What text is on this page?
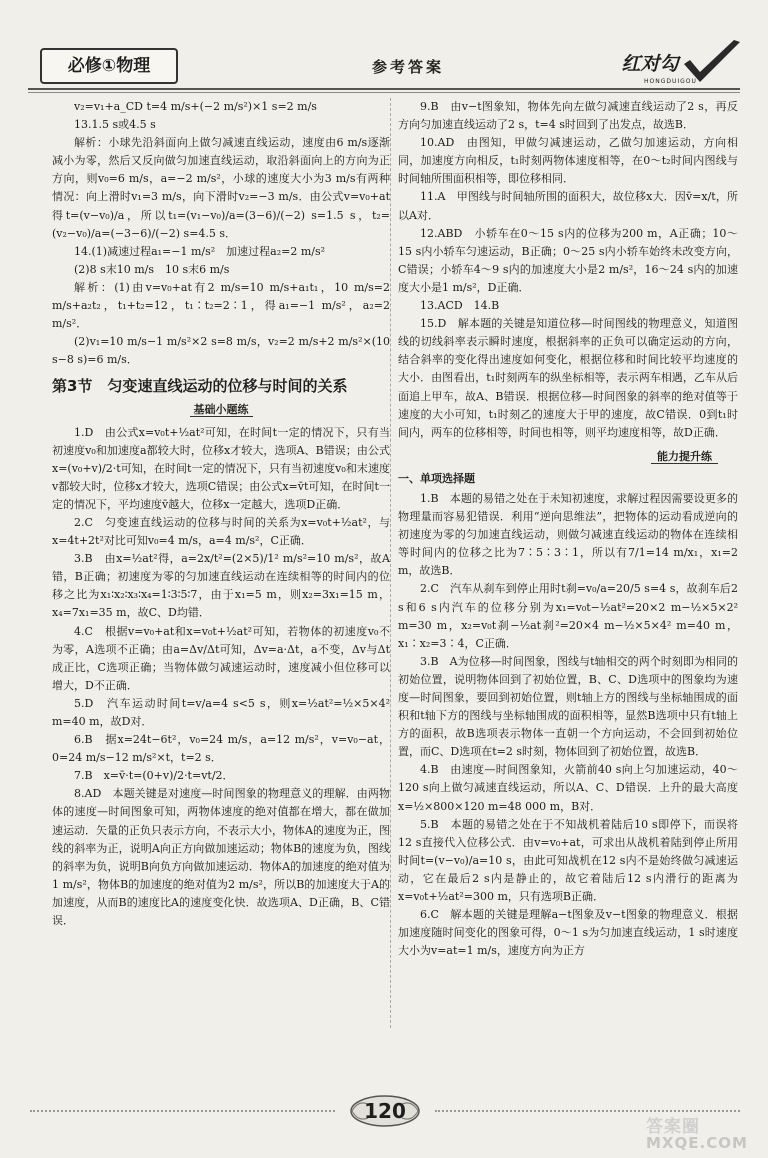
必修①物理	参考答案	红对勾
HONGDUIGOU

v₂=v₁+a_CD t=4 m/s+(−2 m/s²)×1 s=2 m/s

13.1.5 s或4.5 s

解析：小球先沿斜面向上做匀减速直线运动，速度由6 m/s逐渐减小为零，然后又反向做匀加速直线运动，取沿斜面向上的方向为正方向，则v₀=6 m/s，a=−2 m/s²，小球的速度大小为3 m/s有两种情况：向上滑时v₁=3 m/s，向下滑时v₂=−3 m/s．由公式v=v₀+at得t=(v−v₀)/a，所以t₁=(v₁−v₀)/a=(3−6)/(−2) s=1.5 s，t₂=(v₂−v₀)/a=(−3−6)/(−2) s=4.5 s．

14.(1)减速过程a₁=−1 m/s²　加速过程a₂=2 m/s²

(2)8 s末10 m/s　10 s末6 m/s

解析：(1)由v=v₀+at有2 m/s=10 m/s+a₁t₁，10 m/s=2 m/s+a₂t₂，t₁+t₂=12，t₁∶t₂=2∶1，得a₁=−1 m/s²，a₂=2 m/s²．

(2)v₁=10 m/s−1 m/s²×2 s=8 m/s，v₂=2 m/s+2 m/s²×(10 s−8 s)=6 m/s．

第3节　匀变速直线运动的位移与时间的关系
基础小题练

1.D　由公式x=v₀t+½at²可知，在时间t一定的情况下，只有当初速度v₀和加速度a都较大时，位移x才较大，选项A、B错误；由公式x=(v₀+v)/2·t可知，在时间t一定的情况下，只有当初速度v₀和末速度v都较大时，位移x才较大，选项C错误；由公式x=v̄t可知，在时间t一定的情况下，平均速度v̄越大，位移x一定越大，选项D正确．

2.C　匀变速直线运动的位移与时间的关系为x=v₀t+½at²，与x=4t+2t²对比可知v₀=4 m/s，a=4 m/s²，C正确．

3.B　由x=½at²得，a=2x/t²=(2×5)/1² m/s²=10 m/s²，故A错，B正确；初速度为零的匀加速直线运动在连续相等的时间内的位移之比为x₁∶x₂∶x₃∶x₄=1∶3∶5∶7，由于x₁=5 m，则x₂=3x₁=15 m，x₄=7x₁=35 m，故C、D均错．

4.C　根据v=v₀+at和x=v₀t+½at²可知，若物体的初速度v₀不为零，A选项不正确；由a=Δv/Δt可知，Δv=a·Δt，a不变，Δv与Δt成正比，C选项正确；当物体做匀减速运动时，速度减小但位移可以增大，D不正确．

5.D　汽车运动时间t=v/a=4 s<5 s，则x=½at²=½×5×4² m=40 m，故D对．

6.B　据x=24t−6t²，v₀=24 m/s，a=12 m/s²，v=v₀−at，0=24 m/s−12 m/s²×t，t=2 s．

7.B　x=v̄·t=(0+v)/2·t=vt/2．

8.AD　本题关键是对速度—时间图象的物理意义的理解．由两物体的速度—时间图象可知，两物体速度的绝对值都在增大，都在做加速运动．矢量的正负只表示方向，不表示大小，物体A的速度为正，图线的斜率为正，说明A向正方向做加速运动；物体B的速度为负，图线的斜率为负，说明B向负方向做加速运动．物体A的加速度的绝对值为1 m/s²，物体B的加速度的绝对值为2 m/s²，所以B的加速度大于A的加速度，从而B的速度比A的速度变化快．故选项A、D正确，B、C错误．

9.B　由v−t图象知，物体先向左做匀减速直线运动了2 s，再反方向匀加速直线运动了2 s，t=4 s时回到了出发点，故选B．

10.AD　由图知，甲做匀减速运动，乙做匀加速运动，方向相同，加速度方向相反，t₁时刻两物体速度相等，在0～t₂时间内图线与时间轴所围面积相等，即位移相同．

11.A　甲图线与时间轴所围的面积大，故位移x大．因v̄=x/t，所以A对．

12.ABD　小轿车在0～15 s内的位移为200 m，A正确；10～15 s内小轿车匀速运动，B正确；0～25 s内小轿车始终未改变方向，C错误；小轿车4～9 s内的加速度大小是2 m/s²，16～24 s内的加速度大小是1 m/s²，D正确．

13.ACD　14.B

15.D　解本题的关键是知道位移—时间图线的物理意义，知道图线的切线斜率表示瞬时速度，根据斜率的正负可以确定运动的方向，结合斜率的变化得出速度如何变化，根据位移和时间比较平均速度的大小．由图看出，t₁时刻两车的纵坐标相等，表示两车相遇，乙车从后面追上甲车，故A、B错误．根据位移—时间图象的斜率的绝对值等于速度的大小可知，t₁时刻乙的速度大于甲的速度，故C错误．0到t₁时间内，两车的位移相等，时间也相等，则平均速度相等，故D正确．

能力提升练
一、单项选择题

1.B　本题的易错之处在于未知初速度，求解过程因需要设更多的物理量而容易犯错误．利用“逆向思维法”，把物体的运动看成逆向的初速度为零的匀加速直线运动，则做匀减速直线运动的物体在连续相等时间内的位移之比为7∶5∶3∶1，所以有7/1=14 m/x₁，x₁=2 m，故选B．

2.C　汽车从刹车到停止用时t刹=v₀/a=20/5 s=4 s，故刹车后2 s和6 s内汽车的位移分别为x₁=v₀t−½at²=20×2 m−½×5×2² m=30 m，x₂=v₀t刹−½at刹²=20×4 m−½×5×4² m=40 m，x₁∶x₂=3∶4，C正确．

3.B　A为位移—时间图象，图线与t轴相交的两个时刻即为相同的初始位置，说明物体回到了初始位置，B、C、D选项中的图象均为速度—时间图象，要回到初始位置，则t轴上方的图线与坐标轴围成的面积和t轴下方的图线与坐标轴围成的面积相等，显然B选项中只有t轴上方的面积，故B选项表示物体一直朝一个方向运动，不会回到初始位置，而C、D选项在t=2 s时刻，物体回到了初始位置，故选B．

4.B　由速度—时间图象知，火箭前40 s向上匀加速运动，40～120 s向上做匀减速直线运动，所以A、C、D错误．上升的最大高度x=½×800×120 m=48 000 m，B对．

5.B　本题的易错之处在于不知战机着陆后10 s即停下，而误将12 s直接代入位移公式．由v=v₀+at，可求出从战机着陆到停止所用时间t=(v−v₀)/a=10 s，由此可知战机在12 s内不是始终做匀减速运动，它在最后2 s内是静止的，故它着陆后12 s内滑行的距离为x=v₀t+½at²=300 m，只有选项B正确．

6.C　解本题的关键是理解a−t图象及v−t图象的物理意义．根据加速度随时间变化的图象可得，0～1 s为匀加速直线运动，1 s时速度大小为v=at=1 m/s，速度方向为正方

120
答案圈
MXQE.COM
